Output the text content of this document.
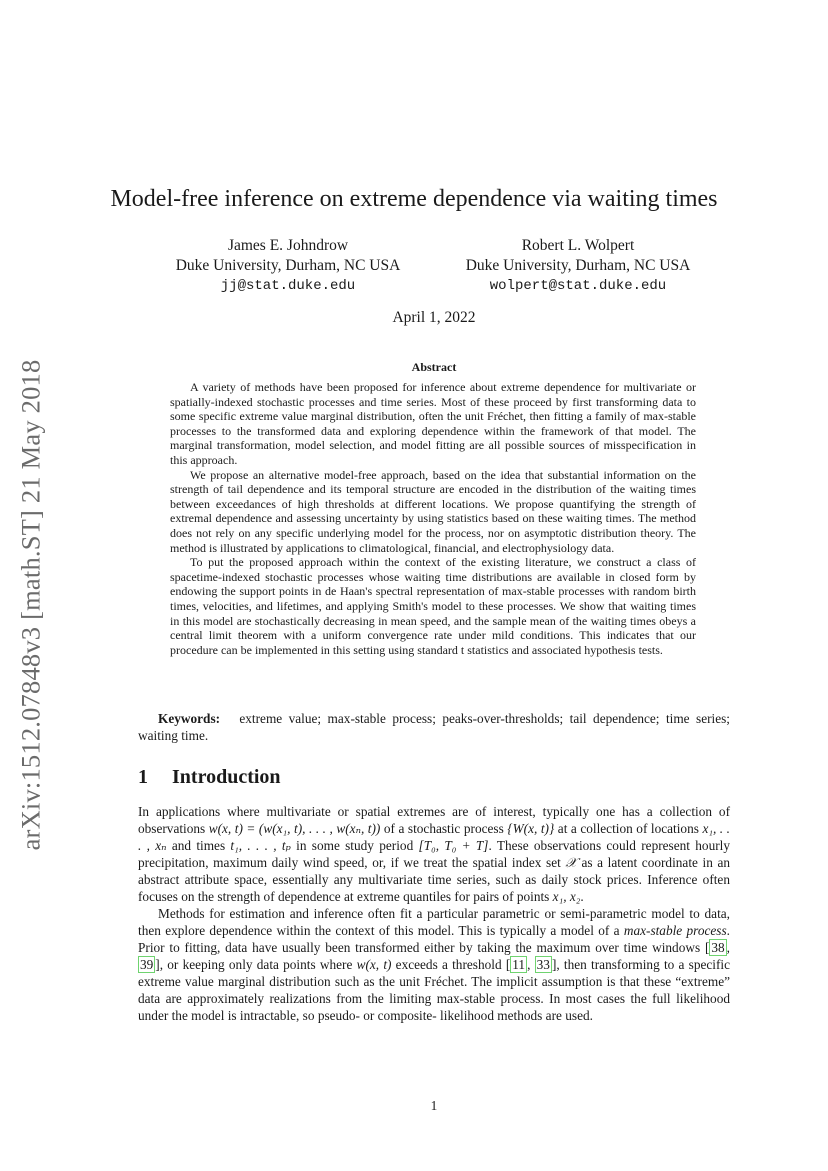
arXiv:1512.07848v3 [math.ST] 21 May 2018
Model-free inference on extreme dependence via waiting times
James E. Johndrow
Duke University, Durham, NC USA
jj@stat.duke.edu
Robert L. Wolpert
Duke University, Durham, NC USA
wolpert@stat.duke.edu
April 1, 2022
Abstract

A variety of methods have been proposed for inference about extreme dependence for multivariate or spatially-indexed stochastic processes and time series. Most of these proceed by first transforming data to some specific extreme value marginal distribution, often the unit Fréchet, then fitting a family of max-stable processes to the transformed data and exploring dependence within the framework of that model. The marginal transformation, model selection, and model fitting are all possible sources of misspecification in this approach.

We propose an alternative model-free approach, based on the idea that substantial information on the strength of tail dependence and its temporal structure are encoded in the distribution of the waiting times between exceedances of high thresholds at different locations. We propose quantifying the strength of extremal dependence and assessing uncertainty by using statistics based on these waiting times. The method does not rely on any specific underlying model for the process, nor on asymptotic distribution theory. The method is illustrated by applications to climatological, financial, and electrophysiology data.

To put the proposed approach within the context of the existing literature, we construct a class of spacetime-indexed stochastic processes whose waiting time distributions are available in closed form by endowing the support points in de Haan's spectral representation of max-stable processes with random birth times, velocities, and lifetimes, and applying Smith's model to these processes. We show that waiting times in this model are stochastically decreasing in mean speed, and the sample mean of the waiting times obeys a central limit theorem with a uniform convergence rate under mild conditions. This indicates that our procedure can be implemented in this setting using standard t statistics and associated hypothesis tests.

Keywords: extreme value; max-stable process; peaks-over-thresholds; tail dependence; time series; waiting time.

1 Introduction

In applications where multivariate or spatial extremes are of interest, typically one has a collection of observations w(x, t) = (w(x₁, t), . . . , w(xₙ, t)) of a stochastic process {W(x, t)} at a collection of locations x₁, . . . , xₙ and times t₁, . . . , tₚ in some study period [T₀, T₀ + T]. These observations could represent hourly precipitation, maximum daily wind speed, or, if we treat the spatial index set 𝒳 as a latent coordinate in an abstract attribute space, essentially any multivariate time series, such as daily stock prices. Inference often focuses on the strength of dependence at extreme quantiles for pairs of points x₁, x₂.

Methods for estimation and inference often fit a particular parametric or semi-parametric model to data, then explore dependence within the context of this model. This is typically a model of a max-stable process. Prior to fitting, data have usually been transformed either by taking the maximum over time windows [ 38 , 39 ], or keeping only data points where w(x, t) exceeds a threshold [ 11 , 33 ], then transforming to a specific extreme value marginal distribution such as the unit Fréchet. The implicit assumption is that these “extreme” data are approximately realizations from the limiting max-stable process. In most cases the full likelihood under the model is intractable, so pseudo- or composite- likelihood methods are used.

1
